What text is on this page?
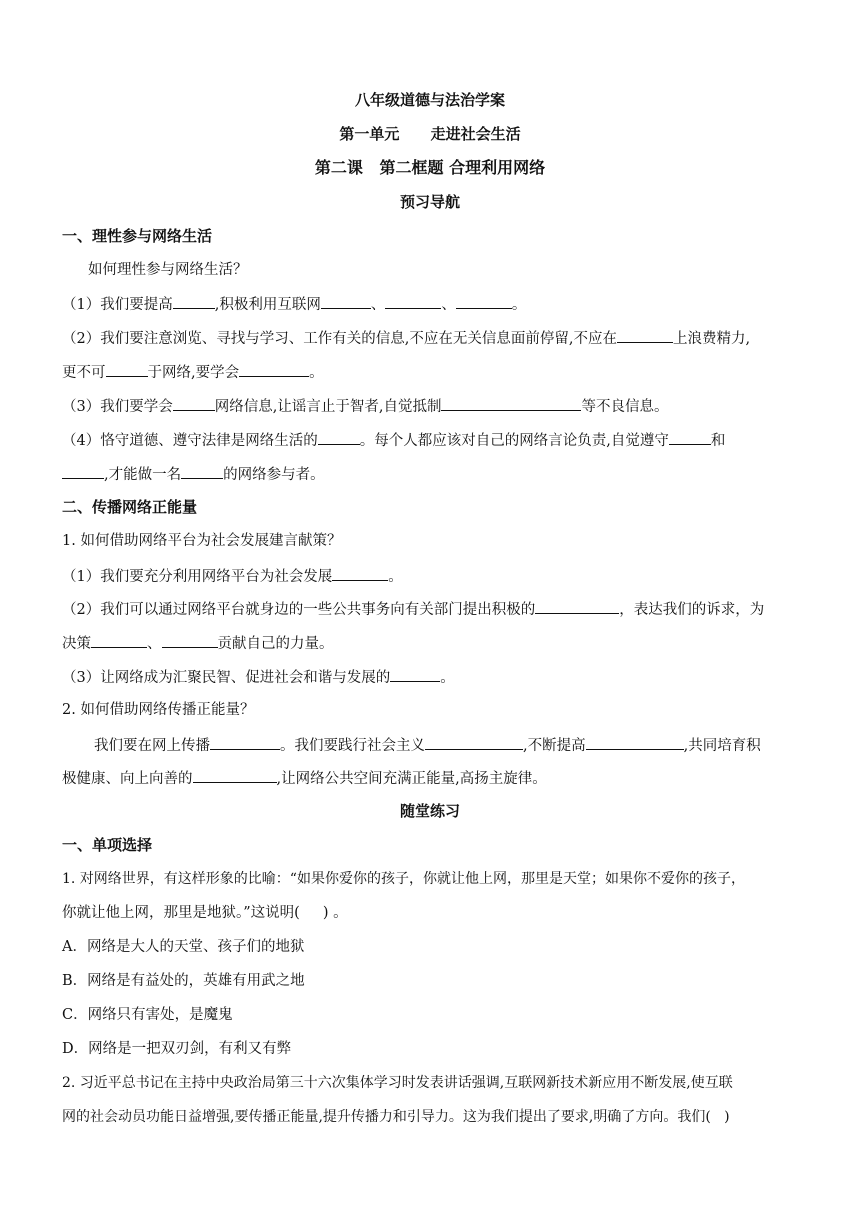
八年级道德与法治学案
第一单元      走进社会生活
第二课   第二框题 合理利用网络
预习导航
一、理性参与网络生活
如何理性参与网络生活？
（1）我们要提高	,积极利用互联网	、	、	。
（2）我们要注意浏览、寻找与学习、工作有关的信息,不应在无关信息面前停留,不应在	上浪费精力,
更不可	于网络,要学会	。
（3）我们要学会	网络信息,让谣言止于智者,自觉抵制	等不良信息。
（4）恪守道德、遵守法律是网络生活的	。每个人都应该对自己的网络言论负责,自觉遵守	和
,才能做一名	的网络参与者。
二、传播网络正能量
1. 如何借助网络平台为社会发展建言献策？
（1）我们要充分利用网络平台为社会发展	。
（2）我们可以通过网络平台就身边的一些公共事务向有关部门提出积极的	，表达我们的诉求，为
决策	、	贡献自己的力量。
（3）让网络成为汇聚民智、促进社会和谐与发展的	。
2. 如何借助网络传播正能量？
我们要在网上传播	。我们要践行社会主义	,不断提高	,共同培育积
极健康、向上向善的	,让网络公共空间充满正能量,高扬主旋律。
随堂练习
一、单项选择
1. 对网络世界，有这样形象的比喻：“如果你爱你的孩子，你就让他上网，那里是天堂；如果你不爱你的孩子，
你就让他上网，那里是地狱。”这说明(     ) 。
A．网络是大人的天堂、孩子们的地狱
B．网络是有益处的，英雄有用武之地
C．网络只有害处，是魔鬼
D．网络是一把双刃剑，有利又有弊
2. 习近平总书记在主持中央政治局第三十六次集体学习时发表讲话强调,互联网新技术新应用不断发展,使互联
网的社会动员功能日益增强,要传播正能量,提升传播力和引导力。这为我们提出了要求,明确了方向。我们(   )
